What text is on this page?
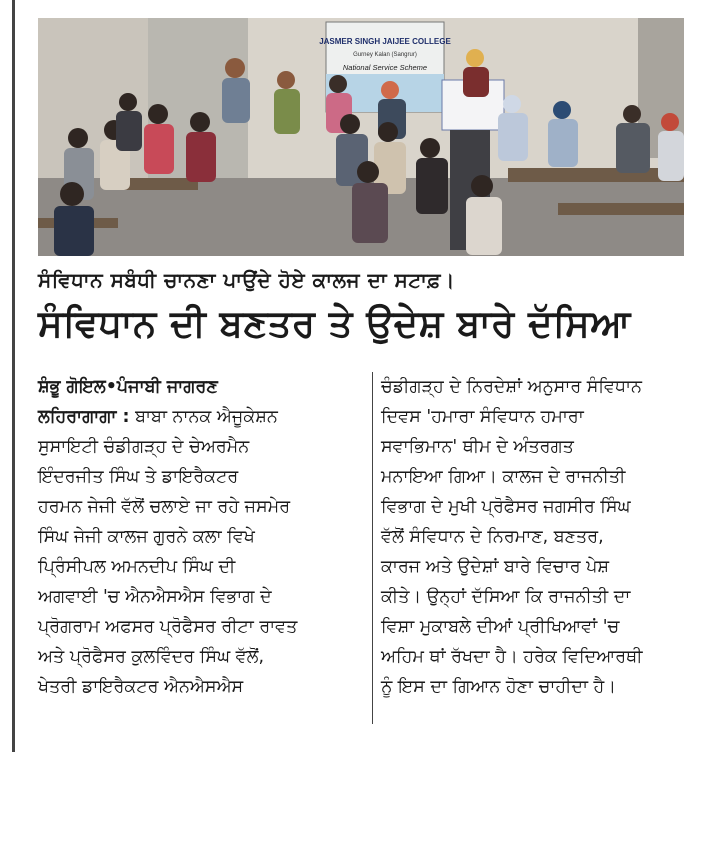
JASMER SINGH JAIJEE COLLEGE
Gurney Kalan (Sangrur)
National Service Scheme
ਸੰਵਿਧਾਨ ਸਬੰਧੀ ਚਾਨਣਾ ਪਾਉਂਦੇ ਹੋਏ ਕਾਲਜ ਦਾ ਸਟਾਫ਼।
ਸੰਵਿਧਾਨ ਦੀ ਬਣਤਰ ਤੇ ਉਦੇਸ਼ ਬਾਰੇ ਦੱਸਿਆ
ਸ਼ੰਭੂ ਗੋਇਲ•ਪੰਜਾਬੀ ਜਾਗਰਣ
ਲਹਿਰਾਗਾਗਾ : ਬਾਬਾ ਨਾਨਕ ਐਜੂਕੇਸ਼ਨ
ਸੁਸਾਇਟੀ ਚੰਡੀਗੜ੍ਹ ਦੇ ਚੇਅਰਮੈਨ
ਇੰਦਰਜੀਤ ਸਿੰਘ ਤੇ ਡਾਇਰੈਕਟਰ
ਹਰਮਨ ਜੇਜੀ ਵੱਲੋਂ ਚਲਾਏ ਜਾ ਰਹੇ ਜਸਮੇਰ
ਸਿੰਘ ਜੇਜੀ ਕਾਲਜ ਗੁਰਨੇ ਕਲਾ ਵਿਖੇ
ਪ੍ਰਿੰਸੀਪਲ ਅਮਨਦੀਪ ਸਿੰਘ ਦੀ
ਅਗਵਾਈ 'ਚ ਐਨਐਸਐਸ ਵਿਭਾਗ ਦੇ
ਪ੍ਰੋਗਰਾਮ ਅਫਸਰ ਪ੍ਰੋਫੈਸਰ ਰੀਟਾ ਰਾਵਤ
ਅਤੇ ਪ੍ਰੋਫੈਸਰ ਕੁਲਵਿੰਦਰ ਸਿੰਘ ਵੱਲੋਂ,
ਖੇਤਰੀ ਡਾਇਰੈਕਟਰ ਐਨਐਸਐਸ
ਚੰਡੀਗੜ੍ਹ ਦੇ ਨਿਰਦੇਸ਼ਾਂ ਅਨੁਸਾਰ ਸੰਵਿਧਾਨ
ਦਿਵਸ 'ਹਮਾਰਾ ਸੰਵਿਧਾਨ ਹਮਾਰਾ
ਸਵਾਭਿਮਾਨ' ਥੀਮ ਦੇ ਅੰਤਰਗਤ
ਮਨਾਇਆ ਗਿਆ। ਕਾਲਜ ਦੇ ਰਾਜਨੀਤੀ
ਵਿਭਾਗ ਦੇ ਮੁਖੀ ਪ੍ਰੋਫੈਸਰ ਜਗਸੀਰ ਸਿੰਘ
ਵੱਲੋਂ ਸੰਵਿਧਾਨ ਦੇ ਨਿਰਮਾਣ, ਬਣਤਰ,
ਕਾਰਜ ਅਤੇ ਉਦੇਸ਼ਾਂ ਬਾਰੇ ਵਿਚਾਰ ਪੇਸ਼
ਕੀਤੇ। ਉਨ੍ਹਾਂ ਦੱਸਿਆ ਕਿ ਰਾਜਨੀਤੀ ਦਾ
ਵਿਸ਼ਾ ਮੁਕਾਬਲੇ ਦੀਆਂ ਪ੍ਰੀਖਿਆਵਾਂ 'ਚ
ਅਹਿਮ ਥਾਂ ਰੱਖਦਾ ਹੈ। ਹਰੇਕ ਵਿਦਿਆਰਥੀ
ਨੂੰ ਇਸ ਦਾ ਗਿਆਨ ਹੋਣਾ ਚਾਹੀਦਾ ਹੈ।
